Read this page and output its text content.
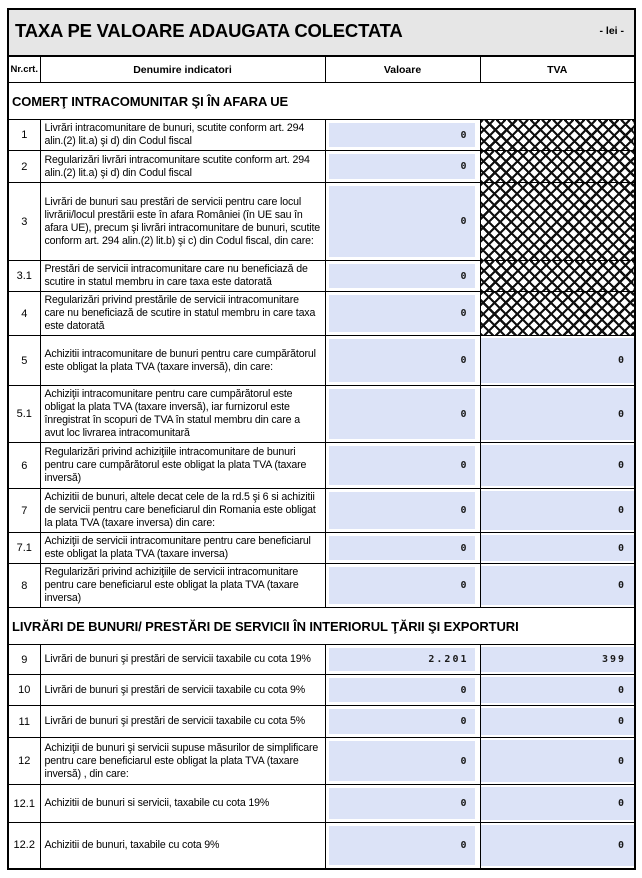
TAXA PE VALOARE ADAUGATA COLECTATA - lei -			

Nr.crt.	Denumire indicatori	Valoare	TVA
COMERŢ INTRACOMUNITAR ŞI ÎN AFARA UE			
1	Livrări intracomunitare de bunuri, scutite conform art. 294 alin.(2) lit.a) şi d) din Codul fiscal	0	

2	Regularizări livrări intracomunitare scutite conform art. 294 alin.(2) lit.a) şi d) din Codul fiscal	0	

3	Livrări de bunuri sau prestări de servicii pentru care locul livrării/locul prestării este în afara României (în UE sau în afara UE), precum şi livrări intracomunitare de bunuri, scutite conform art. 294 alin.(2) lit.b) şi c) din Codul fiscal, din care:	0	

3.1	Prestări de servicii intracomunitare care nu beneficiază de scutire in statul membru in care taxa este datorată	0	

4	Regularizări privind prestările de servicii intracomunitare care nu beneficiază de scutire in statul membru in care taxa este datorată	0	

5	Achizitii intracomunitare de bunuri pentru care cumpărătorul este obligat la plata TVA (taxare inversă), din care:	0	0

5.1	Achiziţii intracomunitare pentru care cumpărătorul este obligat la plata TVA (taxare inversă), iar furnizorul este înregistrat în scopuri de TVA în statul membru din care a avut loc livrarea intracomunitară	0	0

6	Regularizări privind achiziţiile intracomunitare de bunuri pentru care cumpărătorul este obligat la plata TVA (taxare inversă)	0	0

7	Achizitii de bunuri, altele decat cele de la rd.5 şi 6 si achizitii de servicii pentru care beneficiarul din Romania este obligat la plata TVA (taxare inversa) din care:	0	0

7.1	Achiziţii de servicii intracomunitare pentru care beneficiarul este obligat la plata TVA (taxare inversa)	0	0

8	Regularizări privind achiziţiile de servicii intracomunitare pentru care beneficiarul este obligat la plata TVA (taxare inversa)	0	0

LIVRĂRI DE BUNURI/ PRESTĂRI DE SERVICII ÎN INTERIORUL ŢĂRII ŞI EXPORTURI			
9	Livrări de bunuri şi prestări de servicii taxabile cu cota 19%	2.201	399

10	Livrări de bunuri şi prestări de servicii taxabile cu cota 9%	0	0

11	Livrări de bunuri şi prestări de servicii taxabile cu cota 5%	0	0

12	Achiziţii de bunuri şi servicii supuse măsurilor de simplificare pentru care beneficiarul este obligat la plata TVA (taxare inversă) , din care:	0	0

12.1	Achizitii de bunuri si servicii, taxabile cu cota 19%	0	0

12.2	Achizitii de bunuri, taxabile cu cota 9%	0	0
